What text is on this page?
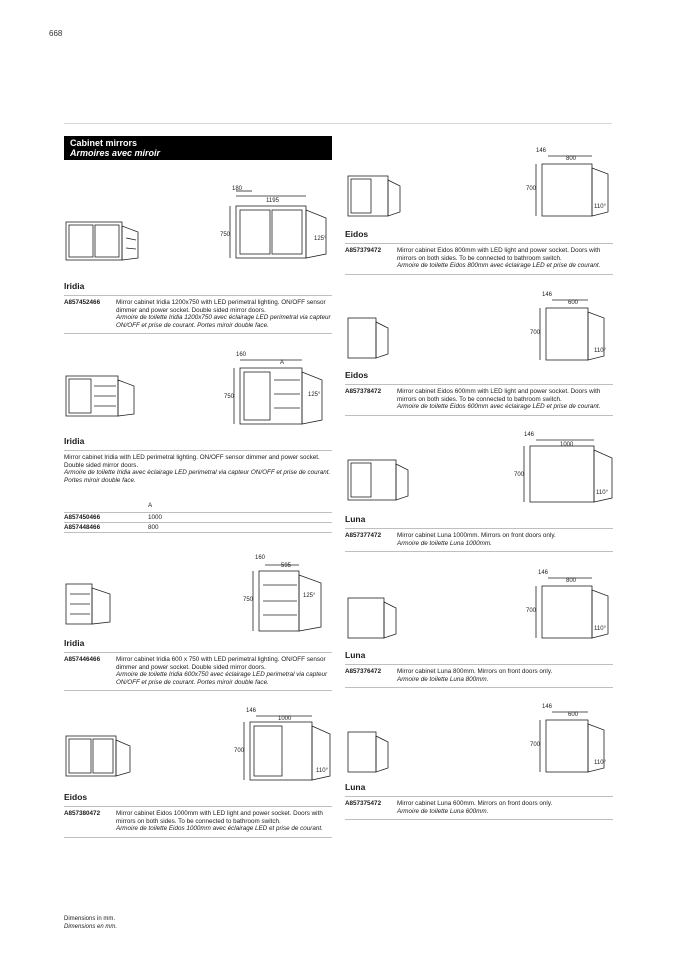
668
Cabinet mirrors
Armoires avec miroir
180
1195
750
125°
160
A
750	125°
160
595
750
125°
146
1000
700
110°
146
800
700
110°
146
600
700
110°
146
1000
700
110°
146
800
700
110°
146
600
700
110°
Iridia
A857452466	Mirror cabinet Iridia 1200x750 with LED perimetral lighting. ON/OFF sensor dimmer and power socket. Double sided mirror doors.
Armoire de toilette Iridia 1200x750 avec éclairage LED perimetral via capteur ON/OFF et prise de courant. Portes miroir double face.
Iridia
Mirror cabinet Iridia with LED perimetral lighting. ON/OFF sensor dimmer and power socket. Double sided mirror doors.
Armoire de toilette Iridia avec éclairage LED perimetral via capteur ON/OFF et prise de courant. Portes miroir double face.
A
A857450466	1000
A857448466	800
Iridia
A857446466	Mirror cabinet Iridia 600 x 750 with LED perimetral lighting. ON/OFF sensor dimmer and power socket. Double sided mirror doors.
Armoire de toilette Iridia 600x750 avec éclairage LED perimetral via capteur ON/OFF et prise de courant. Portes miroir double face.
Eidos
A857380472	Mirror cabinet Eidos 1000mm with LED light and power socket. Doors with mirrors on both sides. To be connected to bathroom switch.
Armoire de toilette Eidos 1000mm avec éclairage LED et prise de courant.
Eidos
A857379472	Mirror cabinet Eidos 800mm with LED light and power socket. Doors with mirrors on both sides. To be connected to bathroom switch.
Armoire de toilette Eidos 800mm avec éclairage LED et prise de courant.
Eidos
A857378472	Mirror cabinet Eidos 600mm with LED light and power socket. Doors with mirrors on both sides. To be connected to bathroom switch.
Armoire de toilette Eidos 600mm avec éclairage LED et prise de courant.
Luna
A857377472	Mirror cabinet Luna 1000mm. Mirrors on front doors only.
Armoire de toilette Luna 1000mm.
Luna
A857376472	Mirror cabinet Luna 800mm. Mirrors on front doors only.
Armoire de toilette Luna 800mm.
Luna
A857375472	Mirror cabinet Luna 600mm. Mirrors on front doors only.
Armoire de toilette Luna 600mm.
Dimensions in mm.
Dimensions en mm.
